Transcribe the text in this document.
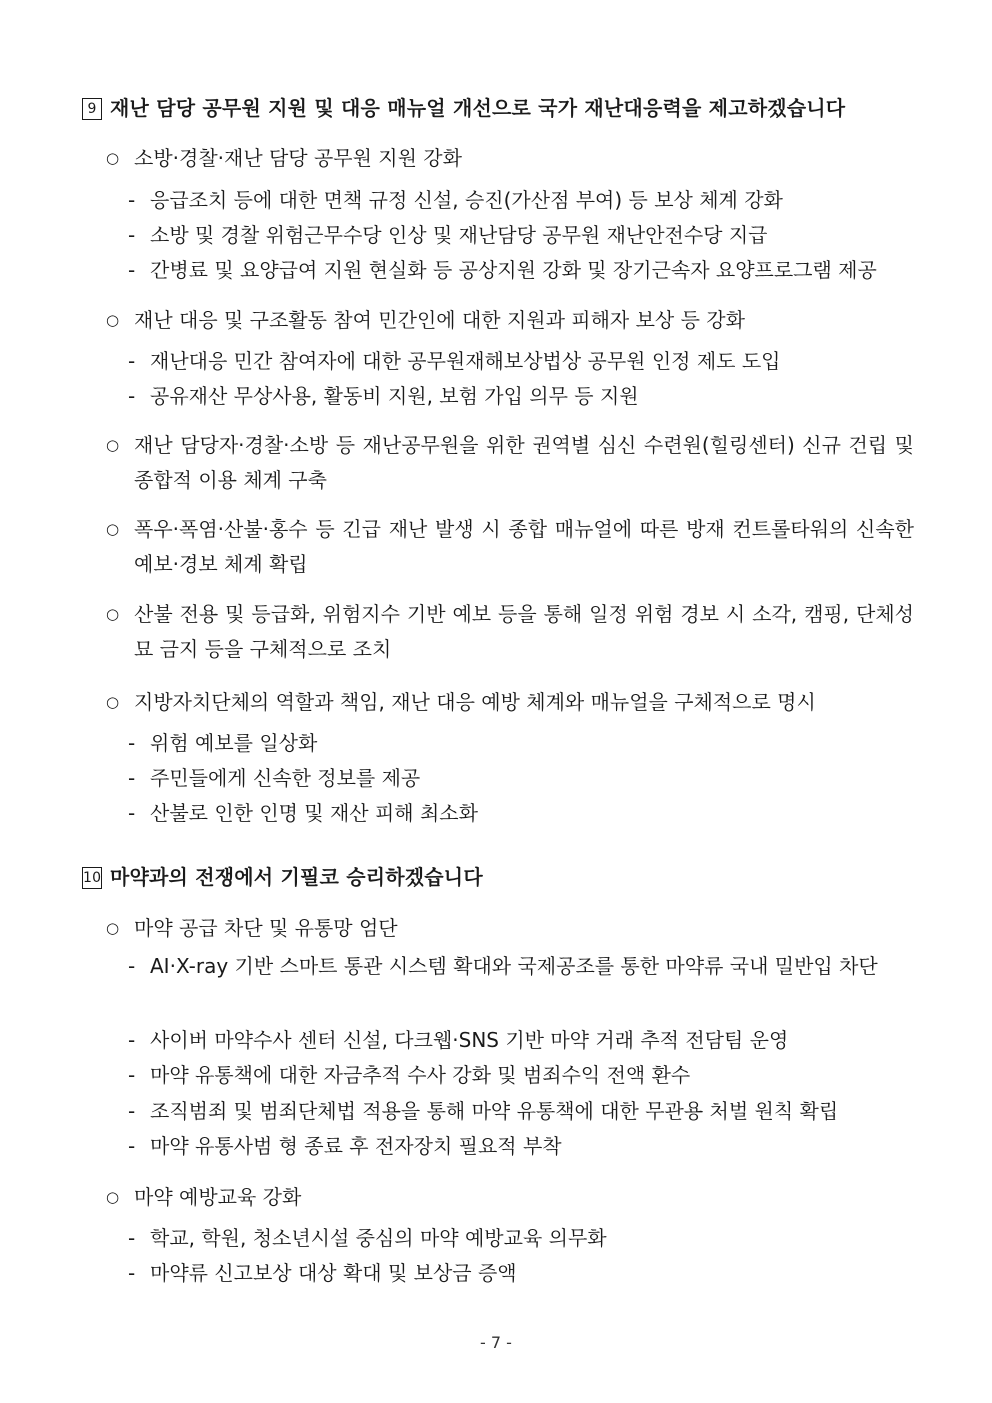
9 재난 담당 공무원 지원 및 대응 매뉴얼 개선으로 국가 재난대응력을 제고하겠습니다
○ 소방·경찰·재난 담당 공무원 지원 강화
- 응급조치 등에 대한 면책 규정 신설, 승진(가산점 부여) 등 보상 체계 강화
- 소방 및 경찰 위험근무수당 인상 및 재난담당 공무원 재난안전수당 지급
- 간병료 및 요양급여 지원 현실화 등 공상지원 강화 및 장기근속자 요양프로그램 제공
○ 재난 대응 및 구조활동 참여 민간인에 대한 지원과 피해자 보상 등 강화
- 재난대응 민간 참여자에 대한 공무원재해보상법상 공무원 인정 제도 도입
- 공유재산 무상사용, 활동비 지원, 보험 가입 의무 등 지원
○ 재난 담당자·경찰·소방 등 재난공무원을 위한 권역별 심신 수련원(힐링센터) 신규 건립 및 종합적 이용 체계 구축
○ 폭우·폭염·산불·홍수 등 긴급 재난 발생 시 종합 매뉴얼에 따른 방재 컨트롤타워의 신속한 예보·경보 체계 확립
○ 산불 전용 및 등급화, 위험지수 기반 예보 등을 통해 일정 위험 경보 시 소각, 캠핑, 단체성묘 금지 등을 구체적으로 조치
○ 지방자치단체의 역할과 책임, 재난 대응 예방 체계와 매뉴얼을 구체적으로 명시
- 위험 예보를 일상화
- 주민들에게 신속한 정보를 제공
- 산불로 인한 인명 및 재산 피해 최소화
10 마약과의 전쟁에서 기필코 승리하겠습니다
○ 마약 공급 차단 및 유통망 엄단
- AI·X-ray 기반 스마트 통관 시스템 확대와 국제공조를 통한 마약류 국내 밀반입 차단
- 사이버 마약수사 센터 신설, 다크웹·SNS 기반 마약 거래 추적 전담팀 운영
- 마약 유통책에 대한 자금추적 수사 강화 및 범죄수익 전액 환수
- 조직범죄 및 범죄단체법 적용을 통해 마약 유통책에 대한 무관용 처벌 원칙 확립
- 마약 유통사범 형 종료 후 전자장치 필요적 부착
○ 마약 예방교육 강화
- 학교, 학원, 청소년시설 중심의 마약 예방교육 의무화
- 마약류 신고보상 대상 확대 및 보상금 증액
- 7 -
